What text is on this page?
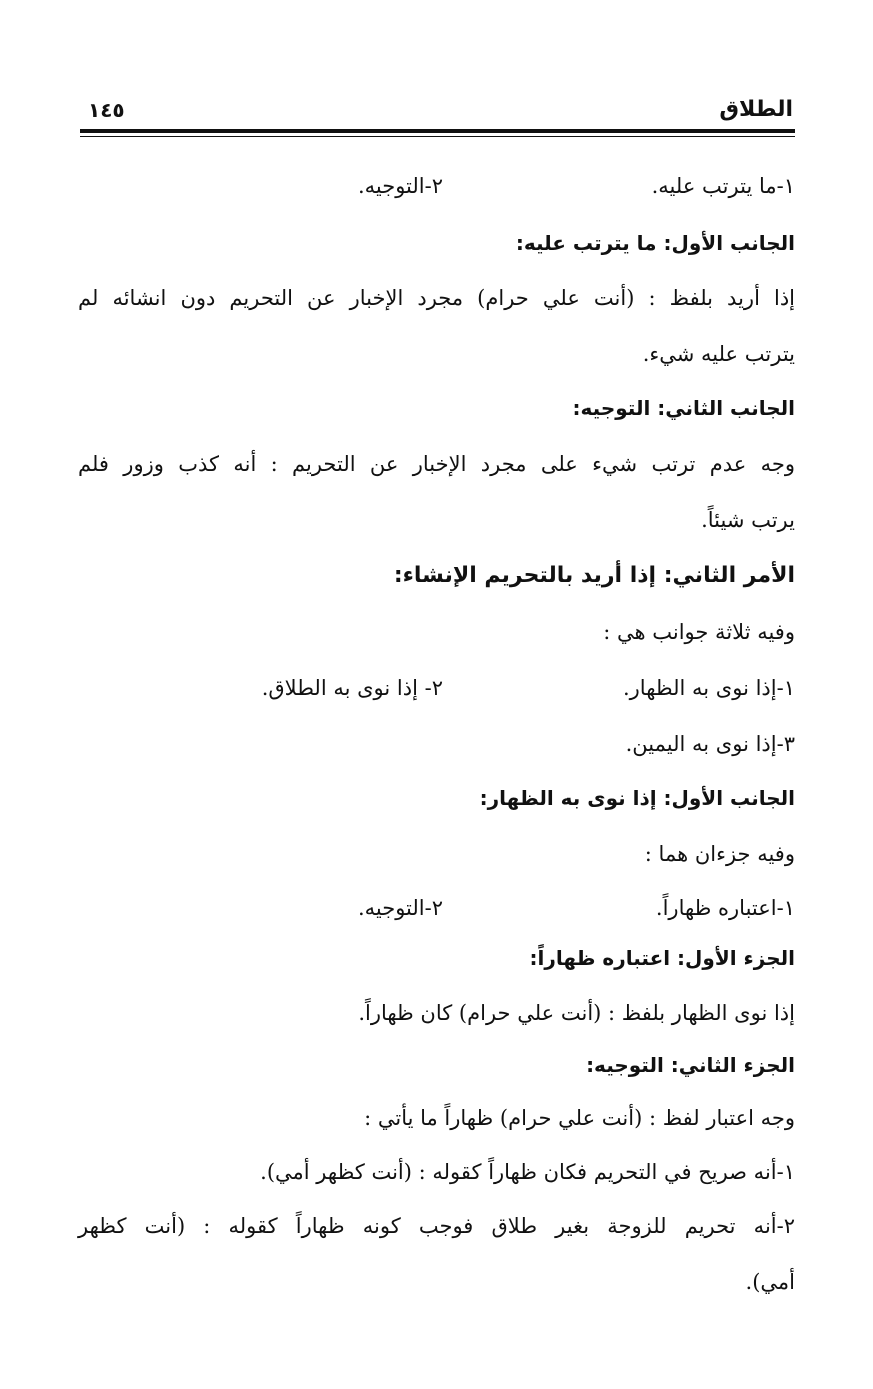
الطلاق
١٤٥
١-ما يترتب عليه.
٢-التوجيه.
الجانب الأول: ما يترتب عليه:
إذا أريد بلفظ : (أنت علي حرام) مجرد الإخبار عن التحريم دون انشائه لم
يترتب عليه شيء.
الجانب الثاني: التوجيه:
وجه عدم ترتب شيء على مجرد الإخبار عن التحريم : أنه كذب وزور فلم
يرتب شيئاً.
الأمر الثاني: إذا أريد بالتحريم الإنشاء:
وفيه ثلاثة جوانب هي :
١-إذا نوى به الظهار.
٢- إذا نوى به الطلاق.
٣-إذا نوى به اليمين.
الجانب الأول: إذا نوى به الظهار:
وفيه جزءان هما :
١-اعتباره ظهاراً.
٢-التوجيه.
الجزء الأول: اعتباره ظهاراً:
إذا نوى الظهار بلفظ : (أنت علي حرام) كان ظهاراً.
الجزء الثاني: التوجيه:
وجه اعتبار لفظ : (أنت علي حرام) ظهاراً ما يأتي :
١-أنه صريح في التحريم فكان ظهاراً كقوله : (أنت كظهر أمي).
٢-أنه تحريم للزوجة بغير طلاق فوجب كونه ظهاراً كقوله : (أنت كظهر
أمي).
